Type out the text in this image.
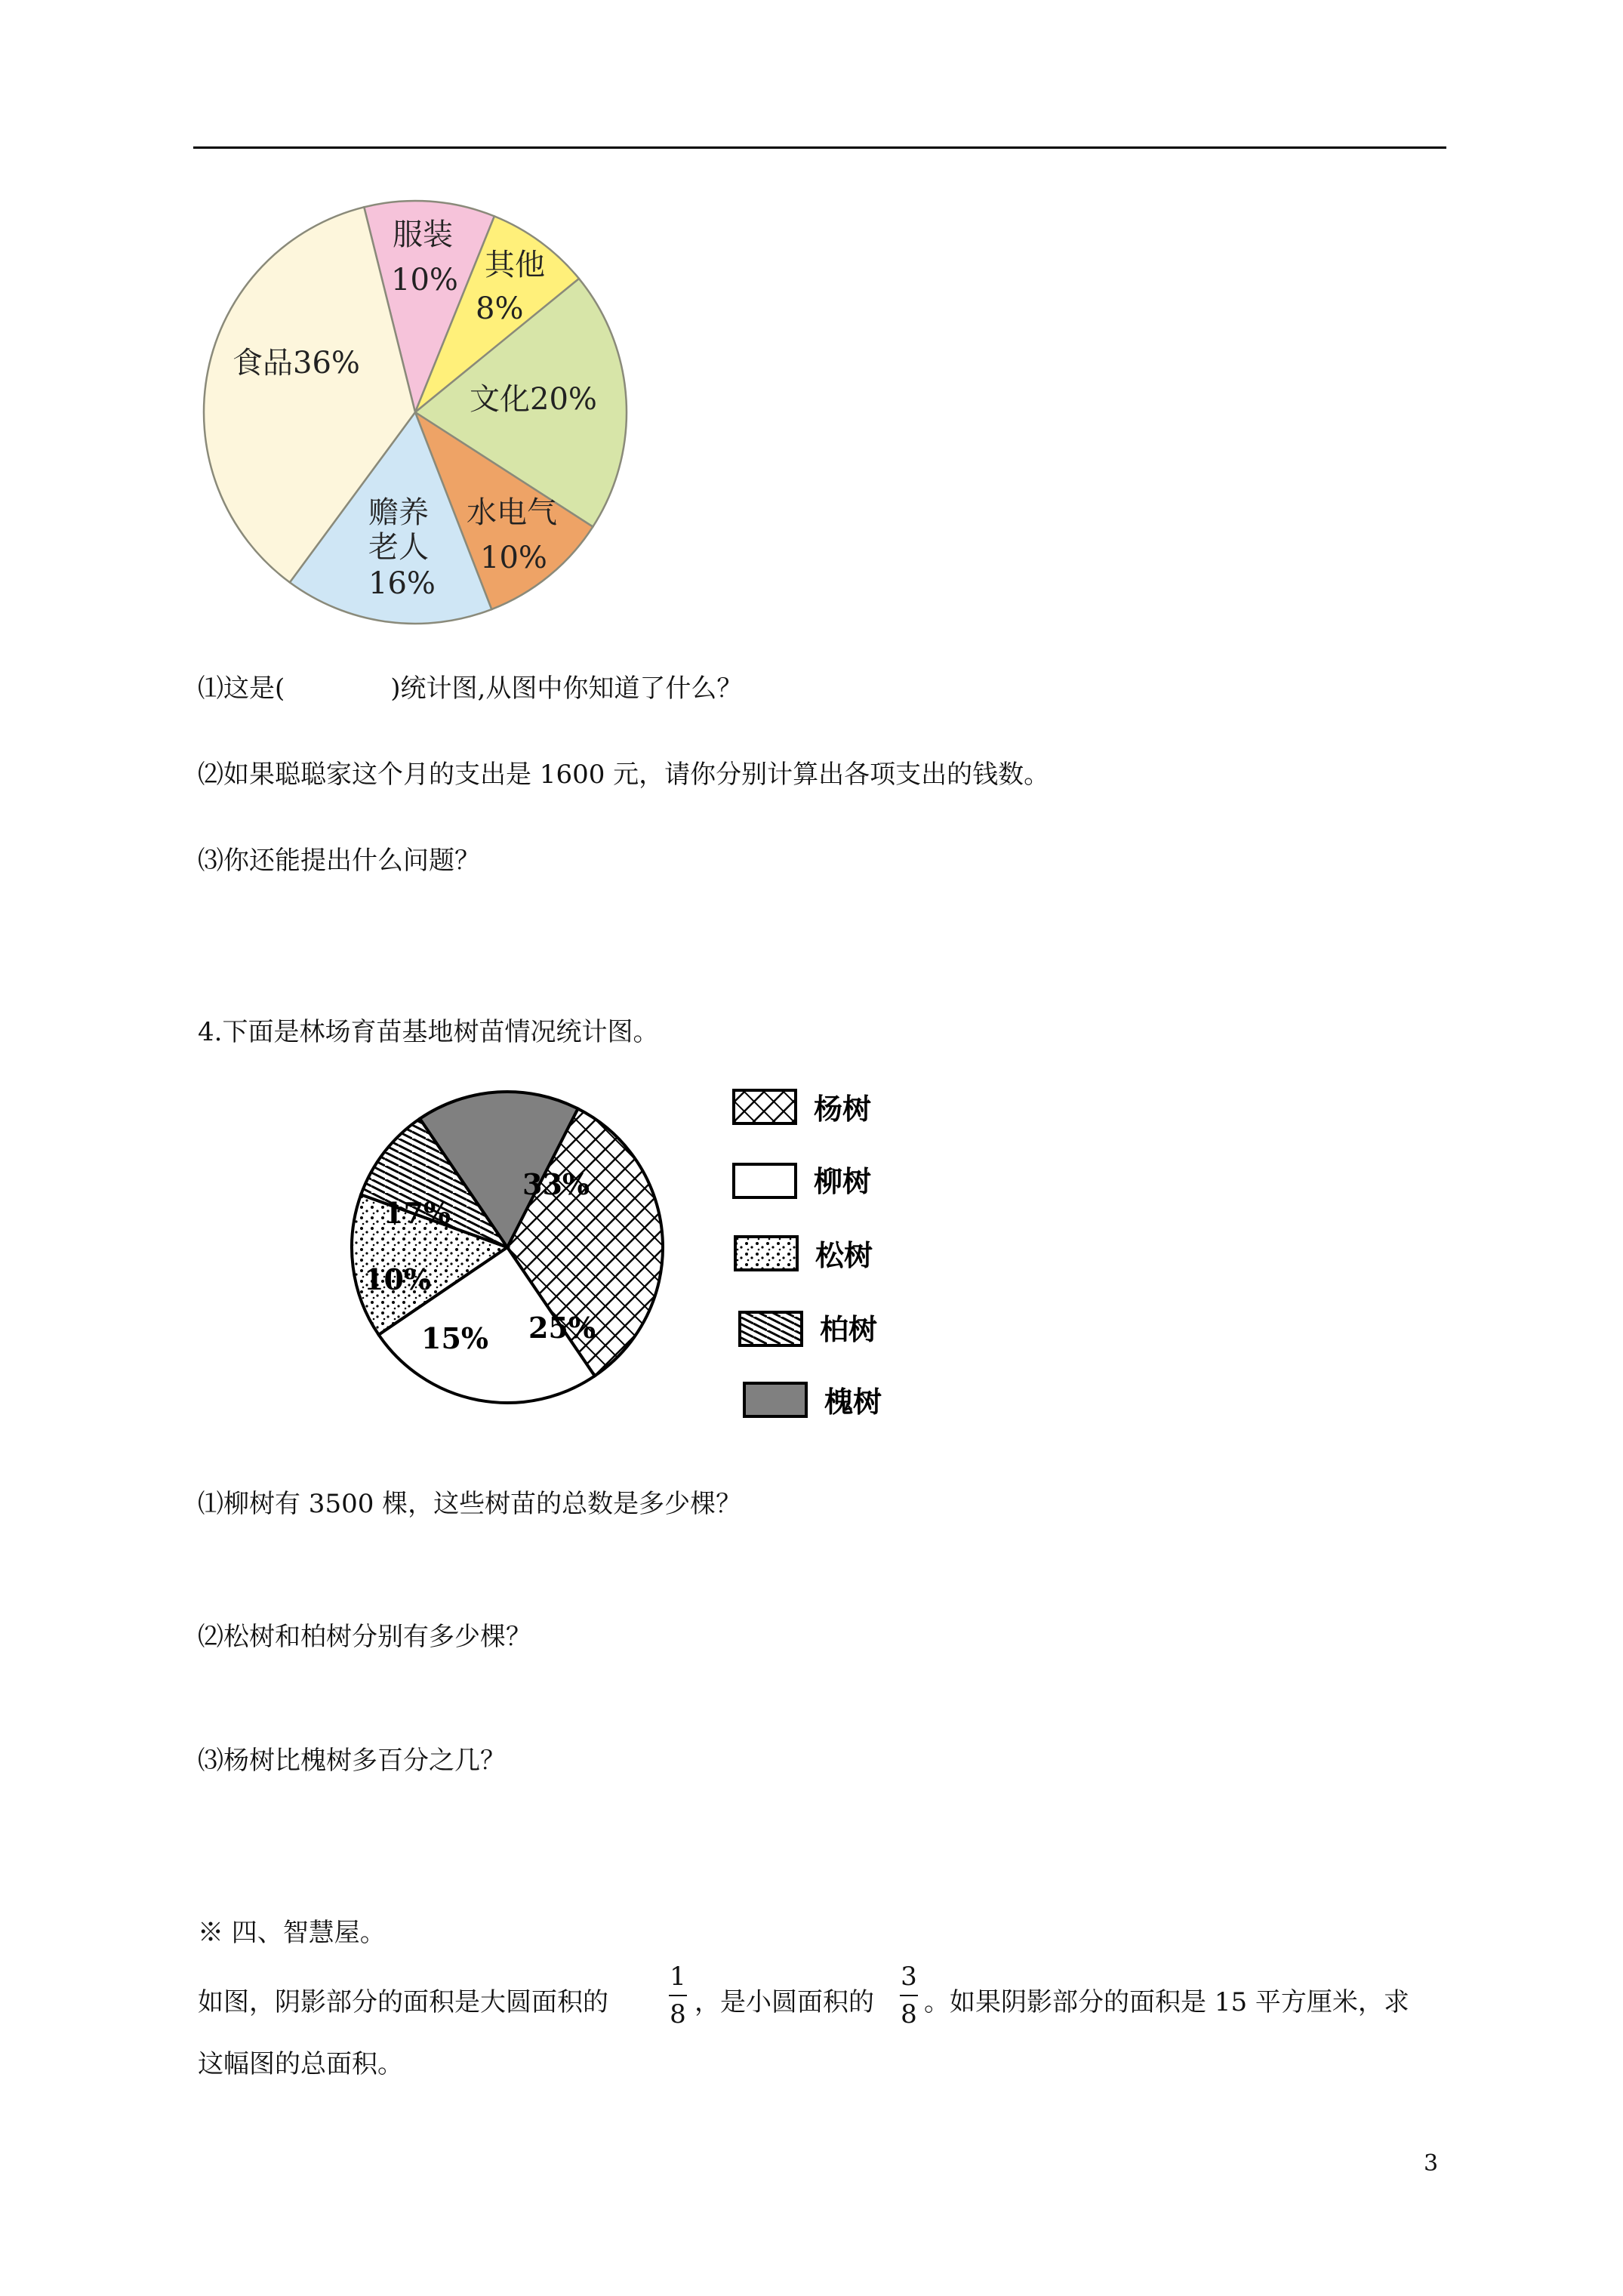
服装
10% 其他
8%
文化 20%
水电气
10%
赡养
老人
16%
食品 36%
⑴这是(	)统计图,从图中你知道了什么？
⑵如果聪聪家这个月的支出是 1600 元，请你分别计算出各项支出的钱数。
⑶你还能提出什么问题？
4.下面是林场育苗基地树苗情况统计图。
33%
25%
15%
10%
17%
杨树
柳树
松树
柏树
槐树
⑴柳树有 3500 棵，这些树苗的总数是多少棵？
⑵松树和柏树分别有多少棵？
⑶杨树比槐树多百分之几？
※ 四、智慧屋。
如图，阴影部分的面积是大圆面积的
1
8 ，是小圆面积的
3
8 。如果阴影部分的面积是 15 平方厘米，求
这幅图的总面积。
3
